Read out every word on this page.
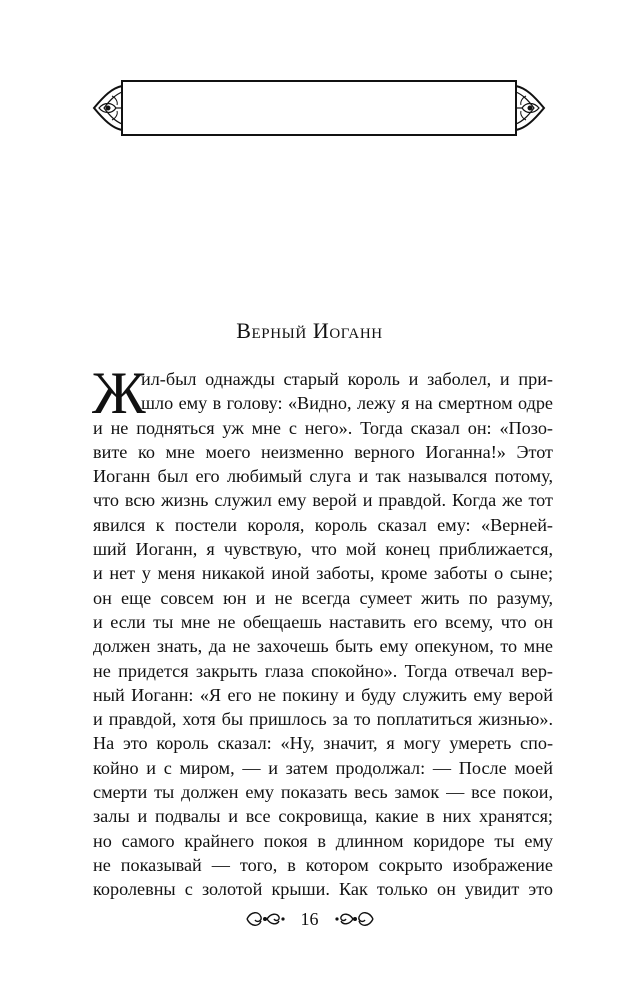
Верный Иоганн
Ж
ил-был однажды старый король и заболел, и при-
шло ему в голову: «Видно, лежу я на смертном одре
и не подняться уж мне с него». Тогда сказал он: «Позо-
вите ко мне моего неизменно верного Иоганна!» Этот
Иоганн был его любимый слуга и так назывался потому,
что всю жизнь служил ему верой и правдой. Когда же тот
явился к постели короля, король сказал ему: «Верней-
ший Иоганн, я чувствую, что мой конец приближается,
и нет у меня никакой иной заботы, кроме заботы о сыне;
он еще совсем юн и не всегда сумеет жить по разуму,
и если ты мне не обещаешь наставить его всему, что он
должен знать, да не захочешь быть ему опекуном, то мне
не придется закрыть глаза спокойно». Тогда отвечал вер-
ный Иоганн: «Я его не покину и буду служить ему верой
и правдой, хотя бы пришлось за то поплатиться жизнью».
На это король сказал: «Ну, значит, я могу умереть спо-
койно и с миром, — и затем продолжал: — После моей
смерти ты должен ему показать весь замок — все покои,
залы и подвалы и все сокровища, какие в них хранятся;
но самого крайнего покоя в длинном коридоре ты ему
не показывай — того, в котором сокрыто изображение
королевны с золотой крыши. Как только он увидит это
16
